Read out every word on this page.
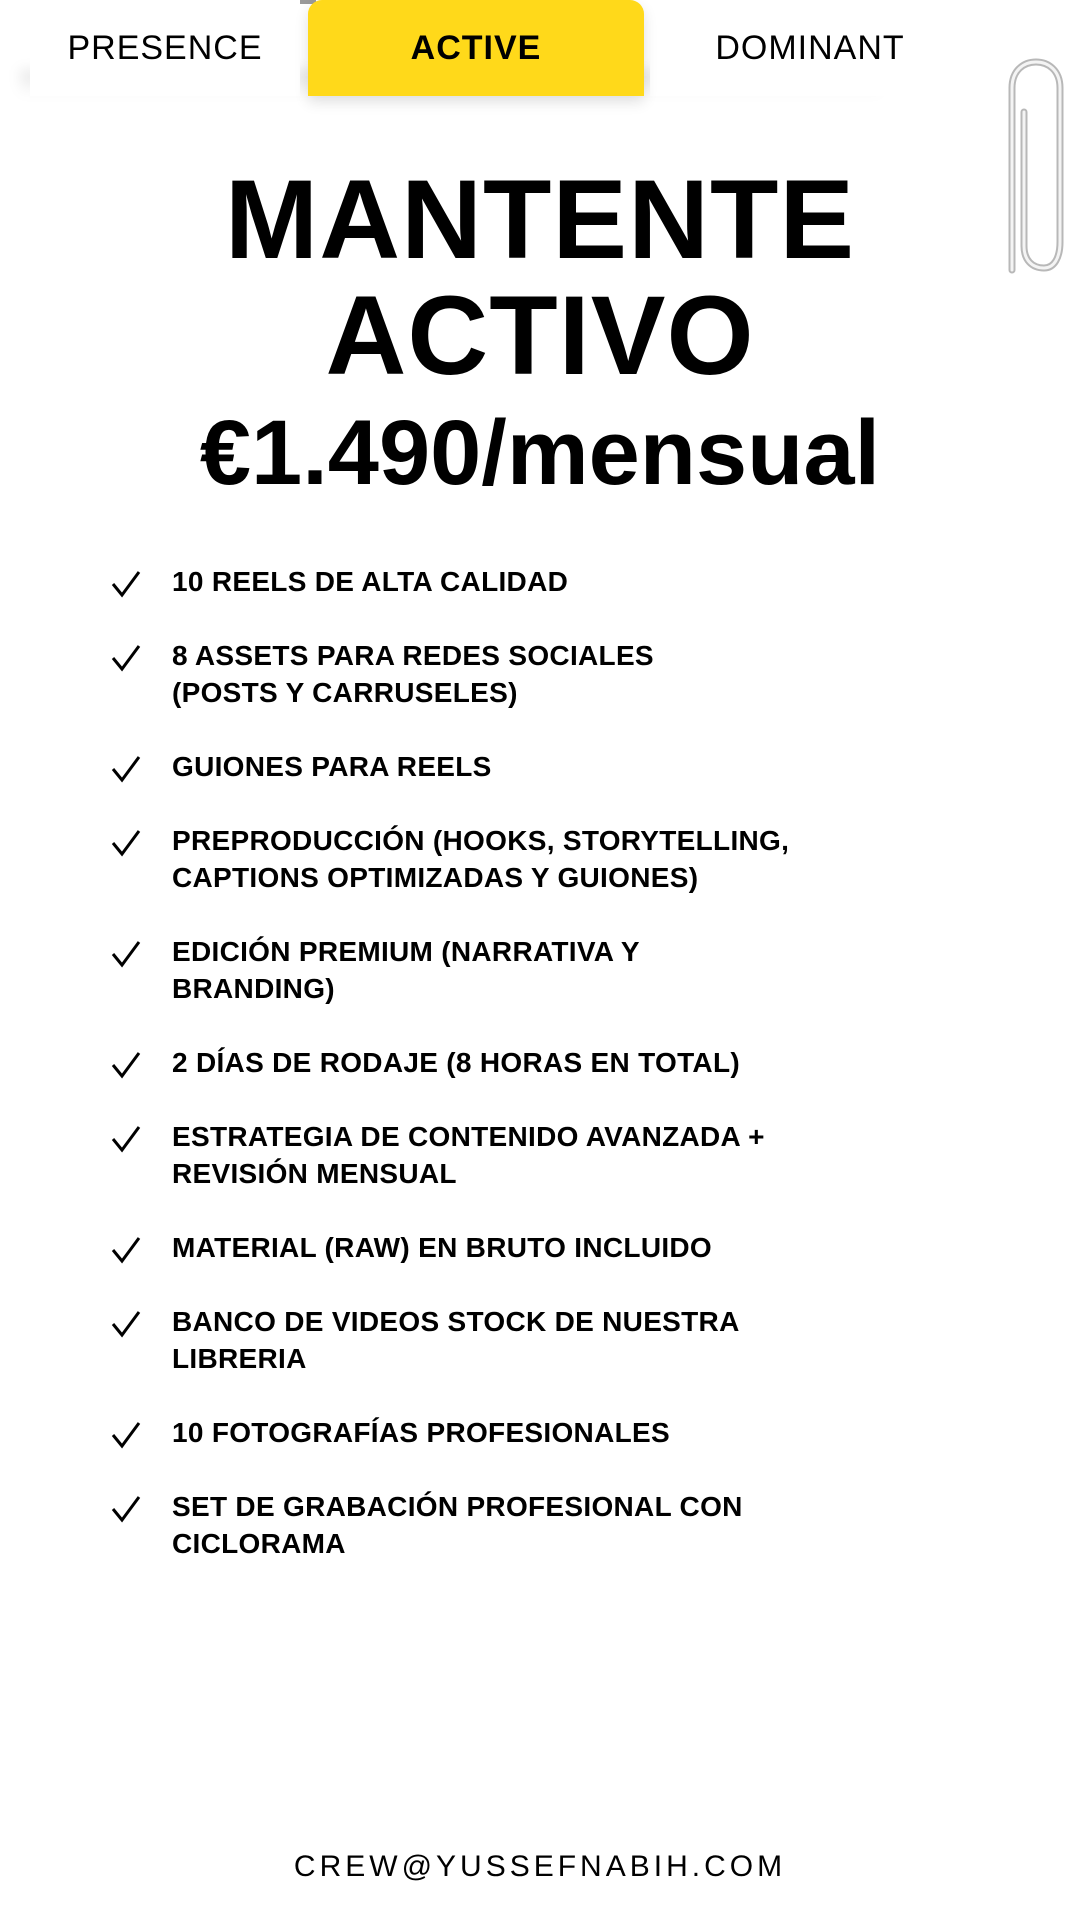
PRESENCE	DOMINANT
ACTIVE
MANTENTE
ACTIVO
€1.490/mensual
10 REELS DE ALTA CALIDAD
8 ASSETS PARA REDES SOCIALES
(POSTS Y CARRUSELES)
GUIONES PARA REELS
PREPRODUCCIÓN (HOOKS, STORYTELLING,
CAPTIONS OPTIMIZADAS Y GUIONES)
EDICIÓN PREMIUM (NARRATIVA Y
BRANDING)
2 DÍAS DE RODAJE (8 HORAS EN TOTAL)
ESTRATEGIA DE CONTENIDO AVANZADA +
REVISIÓN MENSUAL
MATERIAL (RAW) EN BRUTO INCLUIDO
BANCO DE VIDEOS STOCK DE NUESTRA
LIBRERIA
10 FOTOGRAFÍAS PROFESIONALES
SET DE GRABACIÓN PROFESIONAL CON
CICLORAMA
CREW@YUSSEFNABIH.COM
